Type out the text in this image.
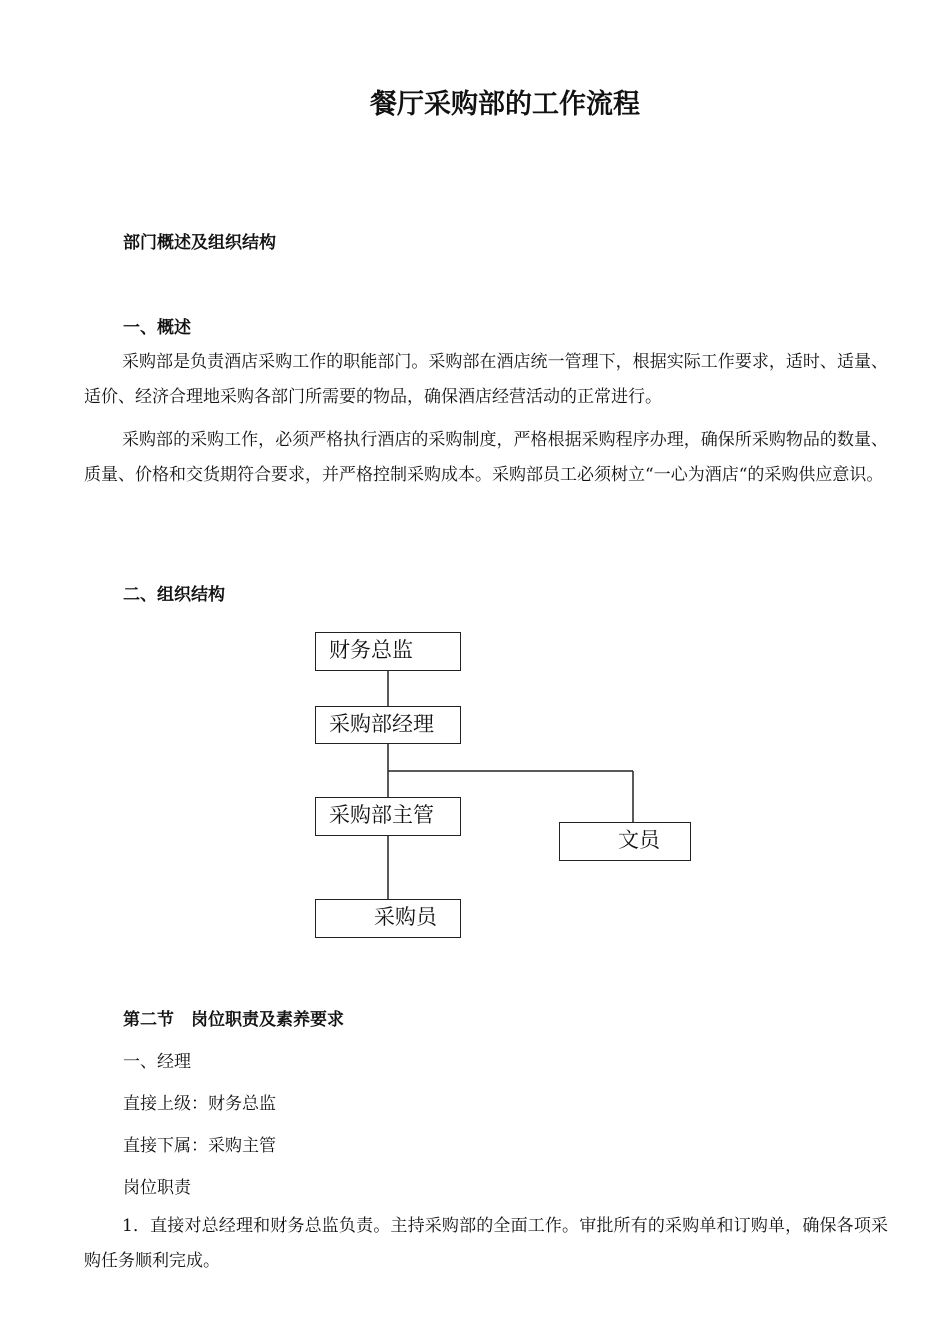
餐厅采购部的工作流程
部门概述及组织结构
一、概述
采购部是负责酒店采购工作的职能部门。采购部在酒店统一管理下，根据实际工作要求，适时、适量、适价、经济合理地采购各部门所需要的物品，确保酒店经营活动的正常进行。
采购部的采购工作，必须严格执行酒店的采购制度，严格根据采购程序办理，确保所采购物品的数量、质量、价格和交货期符合要求，并严格控制采购成本。采购部员工必须树立“一心为酒店“的采购供应意识。
二、组织结构
财务总监
采购部经理
采购部主管
文员
采购员
第二节　岗位职责及素养要求
一、经理
直接上级：财务总监
直接下属：采购主管
岗位职责
1．直接对总经理和财务总监负责。主持采购部的全面工作。审批所有的采购单和订购单，确保各项采购任务顺利完成。
